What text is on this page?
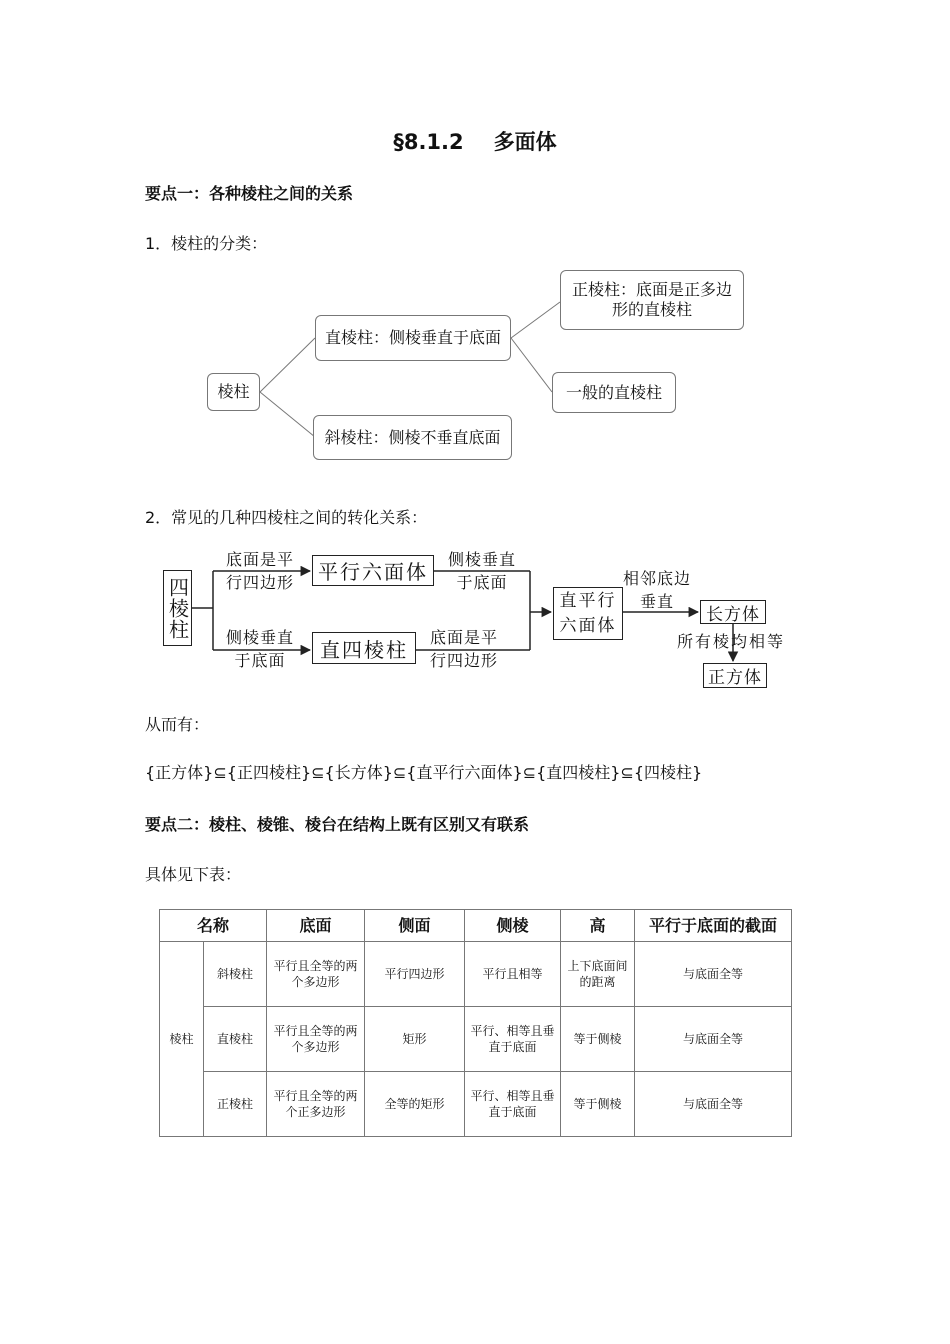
§8.1.2 多面体
要点一：各种棱柱之间的关系
1．棱柱的分类：
棱柱
直棱柱：侧棱垂直于底面
斜棱柱：侧棱不垂直底面
正棱柱：底面是正多边形的直棱柱
一般的直棱柱
2．常见的几种四棱柱之间的转化关系：
四棱柱
平行六面体
直四棱柱
直平行六面体
长方体
正方体
底面是平行四边形
侧棱垂直于底面
侧棱垂直于底面
底面是平行四边形
相邻底边垂直
所有棱均相等
从而有：
{正方体}⊆{正四棱柱}⊆{长方体}⊆{直平行六面体}⊆{直四棱柱}⊆{四棱柱}
要点二：棱柱、棱锥、棱台在结构上既有区别又有联系
具体见下表：
名称		底面	侧面	侧棱	高	平行于底面的截面
棱柱	斜棱柱	平行且全等的两个多边形	平行四边形	平行且相等	上下底面间的距离	与底面全等
	直棱柱	平行且全等的两个多边形	矩形	平行、相等且垂直于底面	等于侧棱	与底面全等
	正棱柱	平行且全等的两个正多边形	全等的矩形	平行、相等且垂直于底面	等于侧棱	与底面全等
